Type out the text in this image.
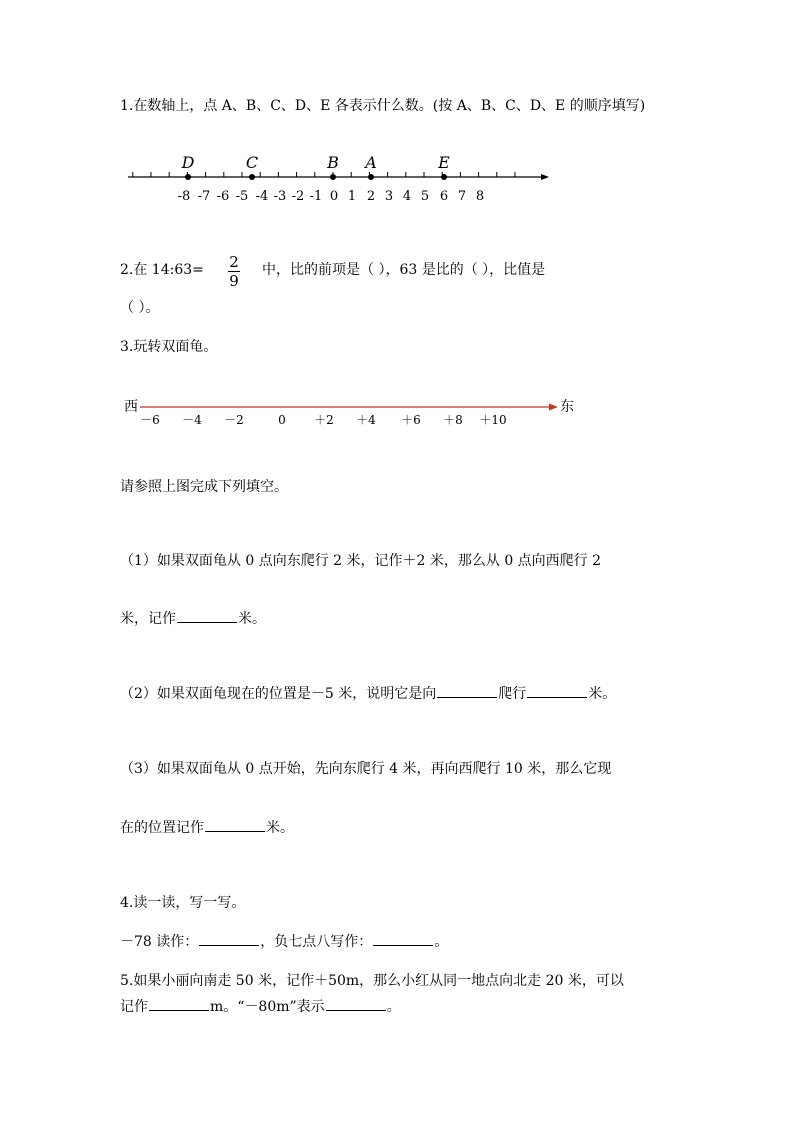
1.在数轴上，点 A、B、C、D、E 各表示什么数。(按 A、B、C、D、E 的顺序填写)
-8 -7 -6 -5 -4 -3 -2 -1 0 1 2 3 4 5 6 7 8
D	C	B A	E
－6 －4 －2	0 ＋2 ＋4 ＋6 ＋8 ＋10
2.在 14:63=	2
9
中，比的前项是（ ），63 是比的（ ），比值是
（ ）。
3.玩转双面龟。
西	东
请参照上图完成下列填空。
（1）如果双面龟从 0 点向东爬行 2 米，记作＋2 米，那么从 0 点向西爬行 2
米，记作	米。
（2）如果双面龟现在的位置是－5 米，说明它是向	爬行	米。
（3）如果双面龟从 0 点开始，先向东爬行 4 米，再向西爬行 10 米，那么它现
在的位置记作	米。
4.读一读，写一写。
－78 读作：	，负七点八写作：	。
5.如果小丽向南走 50 米，记作＋50m，那么小红从同一地点向北走 20 米，可以
记作	m。“－80m”表示	。
